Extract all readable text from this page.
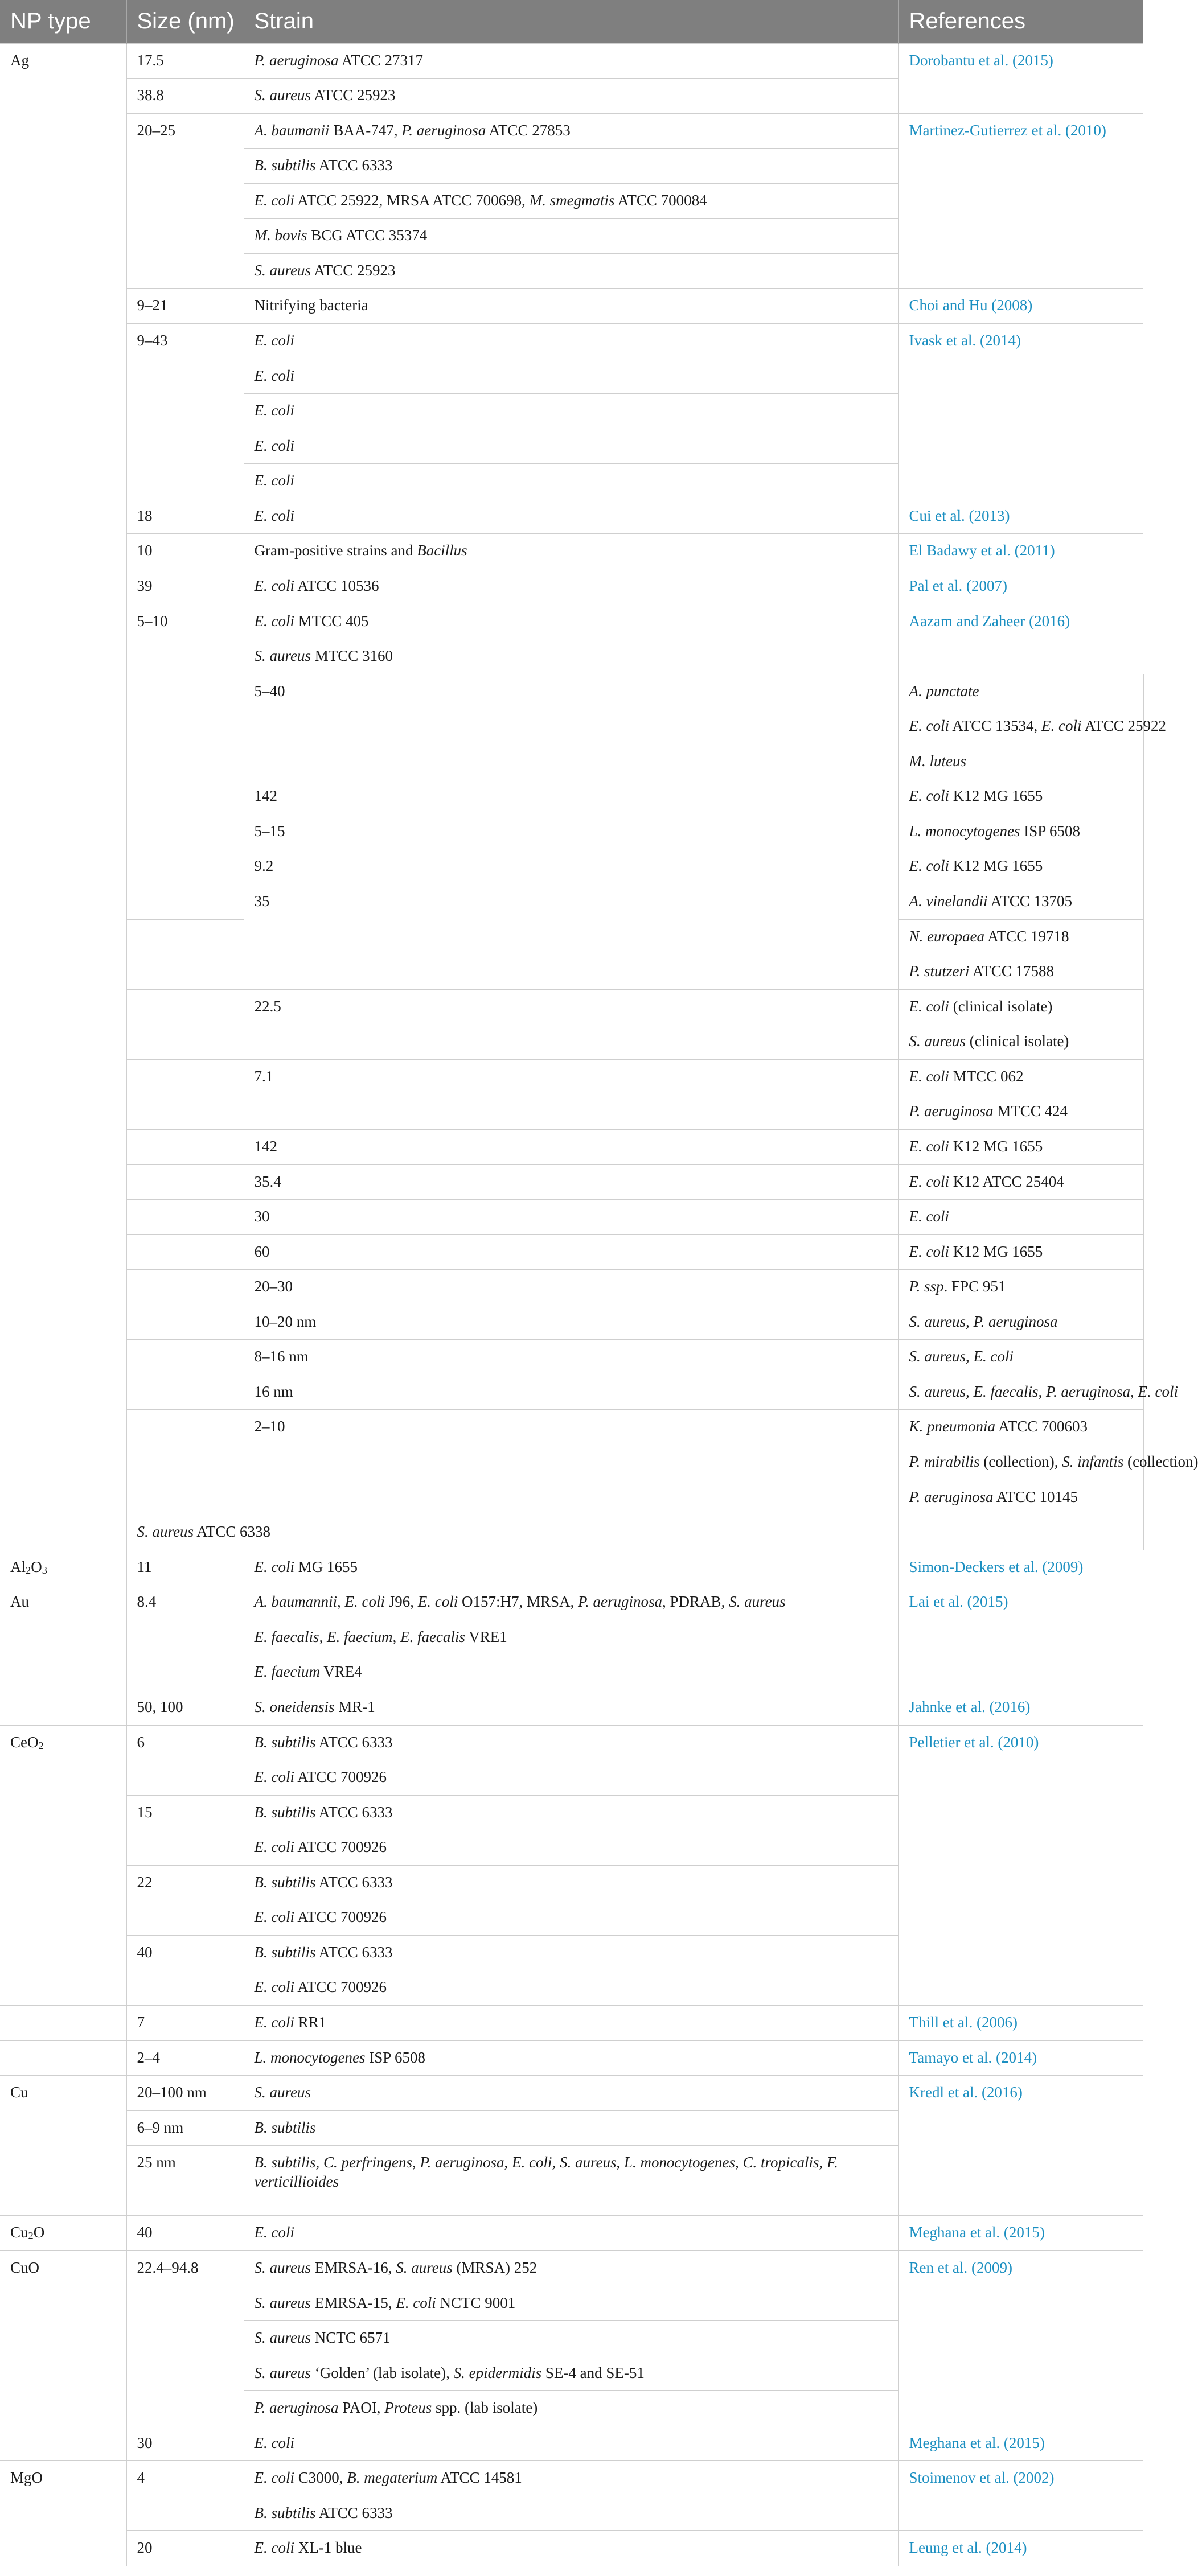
NP type	Size (nm)	Strain	References	
Ag	17.5	P. aeruginosa ATCC 27317	Dorobantu et al. (2015)	
	38.8	S. aureus ATCC 25923		
	20–25	A. baumanii BAA-747, P. aeruginosa ATCC 27853	Martinez-Gutierrez et al. (2010)	
		B. subtilis ATCC 6333		
		E. coli ATCC 25922, MRSA ATCC 700698, M. smegmatis ATCC 700084		
		M. bovis BCG ATCC 35374		
		S. aureus ATCC 25923		
	9–21	Nitrifying bacteria	Choi and Hu (2008)	
	9–43	E. coli	Ivask et al. (2014)	
		E. coli		
		E. coli		
		E. coli		
		E. coli		
	18	E. coli	Cui et al. (2013)	
	10	Gram-positive strains and Bacillus	El Badawy et al. (2011)	
	39	E. coli ATCC 10536	Pal et al. (2007)	
	5–10	E. coli MTCC 405	Aazam and Zaheer (2016)	
		S. aureus MTCC 3160		
		5–40	A. punctate	
			E. coli ATCC 13534, E. coli ATCC 25922	
			M. luteus	
		142	E. coli K12 MG 1655	
		5–15	L. monocytogenes ISP 6508	
		9.2	E. coli K12 MG 1655	
		35	A. vinelandii ATCC 13705	
			N. europaea ATCC 19718	
			P. stutzeri ATCC 17588	
		22.5	E. coli (clinical isolate)	
			S. aureus (clinical isolate)	
		7.1	E. coli MTCC 062	
			P. aeruginosa MTCC 424	
		142	E. coli K12 MG 1655	
		35.4	E. coli K12 ATCC 25404	
		30	E. coli	
		60	E. coli K12 MG 1655	
		20–30	P. ssp. FPC 951	
		10–20 nm	S. aureus, P. aeruginosa	
		8–16 nm	S. aureus, E. coli	
		16 nm	S. aureus, E. faecalis, P. aeruginosa, E. coli	
		2–10	K. pneumonia ATCC 700603	
			P. mirabilis (collection), S. infantis (collection)	
			P. aeruginosa ATCC 10145	
	S. aureus ATCC 6338			
$Al_2O_3$	11	E. coli MG 1655	Simon-Deckers et al. (2009)	
Au	8.4	A. baumannii, E. coli J96, E. coli O157:H7, MRSA, P. aeruginosa, PDRAB, S. aureus	Lai et al. (2015)	
		E. faecalis, E. faecium, E. faecalis VRE1		
		E. faecium VRE4		
	50, 100	S. oneidensis MR-1	Jahnke et al. (2016)	
CeO$_2$	6	B. subtilis ATCC 6333	Pelletier et al. (2010)	
		E. coli ATCC 700926		
	15	B. subtilis ATCC 6333		
		E. coli ATCC 700926		
	22	B. subtilis ATCC 6333		
		E. coli ATCC 700926		
	40	B. subtilis ATCC 6333		
		E. coli ATCC 700926		
	7	E. coli RR1	Thill et al. (2006)	
	2–4	L. monocytogenes ISP 6508	Tamayo et al. (2014)	
Cu	20–100 nm	S. aureus	Kredl et al. (2016)	
	6–9 nm	B. subtilis		
	25 nm	B. subtilis, C. perfringens, P. aeruginosa, E. coli, S. aureus, L. monocytogenes, C. tropicalis, F. verticillioides		

$Cu_2O$	40	E. coli	Meghana et al. (2015)	
CuO	22.4–94.8	S. aureus EMRSA-16, S. aureus (MRSA) 252	Ren et al. (2009)	
		S. aureus EMRSA-15, E. coli NCTC 9001		
		S. aureus NCTC 6571		
		S. aureus ‘Golden’ (lab isolate), S. epidermidis SE-4 and SE-51		
		P. aeruginosa PAOI, Proteus spp. (lab isolate)		
	30	E. coli	Meghana et al. (2015)	
MgO	4	E. coli C3000, B. megaterium ATCC 14581	Stoimenov et al. (2002)	
		B. subtilis ATCC 6333		
	20	E. coli XL-1 blue	Leung et al. (2014)	
